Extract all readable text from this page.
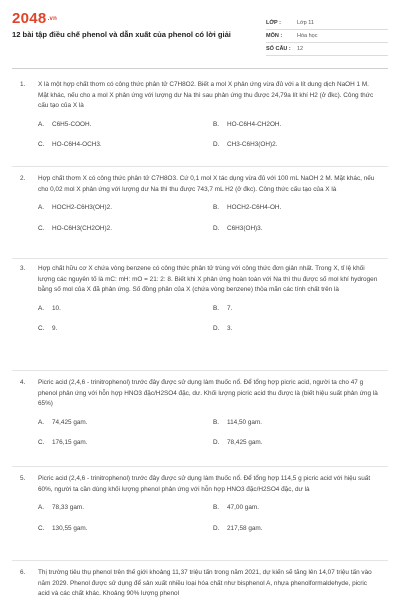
2048.vn
12 bài tập điều chế phenol và dẫn xuất của phenol có lời giải
LỚP :	Lớp 11
MÔN :	Hóa học
SỐ CÂU :	12
1.	X là một hợp chất thơm có công thức phân tử C7H8O2. Biết a mol X phản ứng vừa đủ với a lít dung dịch NaOH 1 M. Mặt khác, nếu cho a mol X phản ứng với lượng dư Na thì sau phản ứng thu được 24,79a lít khí H2 (ở đkc). Công thức cấu tạo của X là
A.	C6H5-COOH.	B.	HO-C6H4-CH2OH.
C.	HO-C6H4-OCH3.	D.	CH3-C6H3(OH)2.
2.	Hợp chất thơm X có công thức phân tử C7H8O3. Cứ 0,1 mol X tác dụng vừa đủ với 100 mL NaOH 2 M. Mặt khác, nếu cho 0,02 mol X phản ứng với lượng dư Na thì thu được 743,7 mL H2 (ở đkc). Công thức cấu tạo của X là
A.	HOCH2-C6H3(OH)2.	B.	HOCH2-C6H4-OH.
C.	HO-C6H3(CH2OH)2.	D.	C6H3(OH)3.
3.	Hợp chất hữu cơ X chứa vòng benzene có công thức phân tử trùng với công thức đơn giản nhất. Trong X, tỉ lệ khối lượng các nguyên tố là mC: mH: mO = 21: 2: 8. Biết khi X phản ứng hoàn toàn với Na thì thu được số mol khí hydrogen bằng số mol của X đã phản ứng. Số đồng phân của X (chứa vòng benzene) thỏa mãn các tính chất trên là
A.	10.	B.	7.
C.	9.	D.	3.
4.	Picric acid (2,4,6 - trinitrophenol) trước đây được sử dụng làm thuốc nổ. Để tổng hợp picric acid, người ta cho 47 g phenol phản ứng với hỗn hợp HNO3 đặc/H2SO4 đặc, dư. Khối lượng picric acid thu được là (biết hiệu suất phản ứng là 65%)
A.	74,425 gam.	B.	114,50 gam.
C.	176,15 gam.	D.	78,425 gam.
5.	Picric acid (2,4,6 - trinitrophenol) trước đây được sử dụng làm thuốc nổ. Để tổng hợp 114,5 g picric acid với hiệu suất 60%, người ta cần dùng khối lượng phenol phản ứng với hỗn hợp HNO3 đặc/H2SO4 đặc, dư là
A.	78,33 gam.	B.	47,00 gam.
C.	130,55 gam.	D.	217,58 gam.
6.	Thị trường tiêu thụ phenol trên thế giới khoảng 11,37 triệu tấn trong năm 2021, dự kiến sẽ tăng lên 14,07 triệu tấn vào năm 2029. Phenol được sử dụng để sản xuất nhiều loại hóa chất như bisphenol A, nhựa phenolformaldehyde, picric acid và các chất khác. Khoảng 90% lượng phenol
